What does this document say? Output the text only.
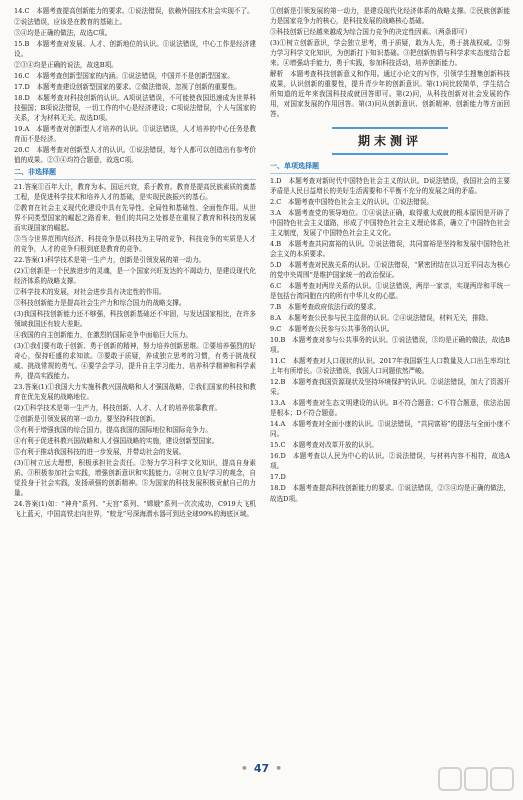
14.C　本题考查提高创新能力的要求。①说法错误，依赖外国技术社会实现不了。

②说法错误，应该是在教育的基础上。

③④均是正确的做法，故选C项。

15.B　本题考查对发展、人才、创新地位的认识。①说法错误，中心工作是经济建设。

②③④均是正确的说法，故选B项。

16.C　本题考查创新型国家的内涵。①说法错误，中国并不是创新型国家。

17.D　本题考查建设创新型国家的要求。②做法错误，忽视了创新的重要性。

18.D　本题考查对科技创新的认识。A项说法错误，不可能使我国迅速成为世界科技强国；B项说法错误，一切工作的中心是经济建设；C项说法错误，个人与国家的关系，才为材料无关。故选D项。

19.A　本题考查对创新型人才培养的认识。①说法错误，人才培养的中心任务是教育而不是经济。

20.C　本题考查对创新型人才的认识。①说法错误，每个人都可以创造出有参考价值的成果。②③④均符合题意，故选C项。

二、非选择题

21.答案①百年大计，教育为本。国运兴衰，系于教育。教育是提高民族素质的奠基工程，是促进科学技术和培养人才的基础，是实现民族振兴的基石。

②教育在社会主义现代化建设中具有先导性、全局性和基础性、全面性作用。从世界不同类型国家的崛起之路看来，他们的共同之处都是在重视了教育和科技的发展而实现国家的崛起。

③当今世界范围内经济、科技竞争是以科技为主导的竞争，科技竞争的实质是人才的竞争，人才的竞争归根到底是教育的竞争。

22.答案(1)科学技术是第一生产力，创新是引领发展的第一动力。

(2)①创新是一个民族进步的灵魂，是一个国家兴旺发达的不竭动力，是建设现代化经济体系的战略支撑。

②科学技术的发展，对社会进步具有决定性的作用。

③科技创新能力是提高社会生产力和综合国力的战略支撑。

(3)我国科技创新能力还不够强，科技创新基础还不牢固，与发达国家相比，在许多领域我国还有较大差距。

④我国的自主创新能力，在激烈的国际竞争中面临巨大压力。

(3)①我们要有敢于创新、勇于创新的精神，努力培养创新思维。②要培养强烈的好奇心，保持旺盛的求知欲。③要敢于质疑，养成独立思考的习惯，有勇于挑战权威、挑战常规的勇气。④要学会学习，提升自主学习能力，培养科学精神和科学素养，提高实践能力。

23.答案(1)①我国大力实施科教兴国战略和人才强国战略，②我们国家的科技和教育在优先发展的战略地位。

(2)①科学技术是第一生产力，科技创新、人才、人才的培养依靠教育。

②创新是引领发展的第一动力，要坚持科技创新。

③有利于增强我国的综合国力，提高我国的国际地位和国际竞争力。

④有利于促进科教兴国战略和人才强国战略的实施，建设创新型国家。

⑤有利于推动我国科技的进一步发展，并带动社会的发展。

(3)①树立远大理想，积极承担社会责任。②努力学习科学文化知识，提高自身素质。③积极参加社会实践，增强创新意识和实践能力。④树立良好学习的观念，自觉投身于社会实践，发扬顽强的创新精神。⑤为国家的科技发展积极贡献自己的力量。

24.答案(1)如：“神舟”系列、“天宫”系列、“嫦娥”系列一次次成功，C919大飞机飞上蓝天，中国高铁走向世界，“蛟龙”号深海潜水器可到达全球99%的海底区域。

①创新是引领发展的第一动力，是建设现代化经济体系的战略支撑。②民族创新能力是国家竞争力的核心，是科技发展的战略核心基础。

③科技创新已经越来越成为综合国力竞争的决定性因素。（两条即可）

(3)①树立创新意识，学会独立思考，勇于质疑，敢为人先，勇于挑战权威。②努力学习科学文化知识，为创新打下知识基础。③把创新热情与科学求实态度结合起来。④增强动手能力，勇于实践，参加科技活动，培养创新能力。

解析　本题考查科技创新意义和作用。通过小论文的写作，引领学生搜集创新科技成果，认识创新的重要性，提升青少年的创新意识。第(1)问比较简单，学生结合所知道的近年来我国科技成就回答即可。第(2)问，从科技创新对社会发展的作用，对国家发展的作用回答。第(3)问从创新意识、创新精神、创新能力等方面回答。

期末测评
一、单项选择题

1.D　本题考查对新时代中国特色社会主义的认识。D说法错误，我国社会的主要矛盾是人民日益增长的美好生活需要和不平衡不充分的发展之间的矛盾。

2.C　本题考查中国特色社会主义的认识。①说法错误。

3.A　本题考查党的领导地位。①④说法正确，取得重大成就的根本原因是开辟了中国特色社会主义道路，形成了中国特色社会主义理论体系，确立了中国特色社会主义制度，发展了中国特色社会主义文化。

4.B　本题考查共同富裕的认识。②说法错误，共同富裕是坚持和发展中国特色社会主义的本质要求。

5.D　本题考查对民族关系的认识。①说法错误，“紧密团结在以习近平同志为核心的党中央周围”是维护国家统一的政治保证。

6.C　本题考查对两岸关系的认识。①说法错误，两岸一家亲，实现两岸和平统一是包括台湾同胞在内的所有中华儿女的心愿。

7.B　本题考查政府依法行政的要求。

8.A　本题考查公民参与民主监督的认识。②④说法错误，材料无关，排除。

9.C　本题考查公民参与公共事务的认识。

10.B　本题考查对参与公共事务的认识。①说法错误，③均是正确的做法，故选B项。

11.C　本题考查对人口现状的认识。2017年我国新生人口数量及人口出生率均比上年有所增长。③说法错误，我国人口问题依然严峻。

12.B　本题考查我国资源现状及坚持环境保护的认识。②说法错误，加大了资源开采。

13.A　本题考查对生态文明建设的认识。B不符合题意；C不符合题意，依法治国是根本；D不符合题意。

14.A　本题考查对全面小康的认识。①说法错误，“共同富裕”的提法与全面小康不同。

15.C　本题考查对改革开放的认识。

16.D　本题考查以人民为中心的认识。②说法错误，与材料内容不相符，故选A项。

17.D

18.D　本题考查提高科技创新能力的要求。①说法错误，②③④均是正确的做法，故选D项。

• 47 •
